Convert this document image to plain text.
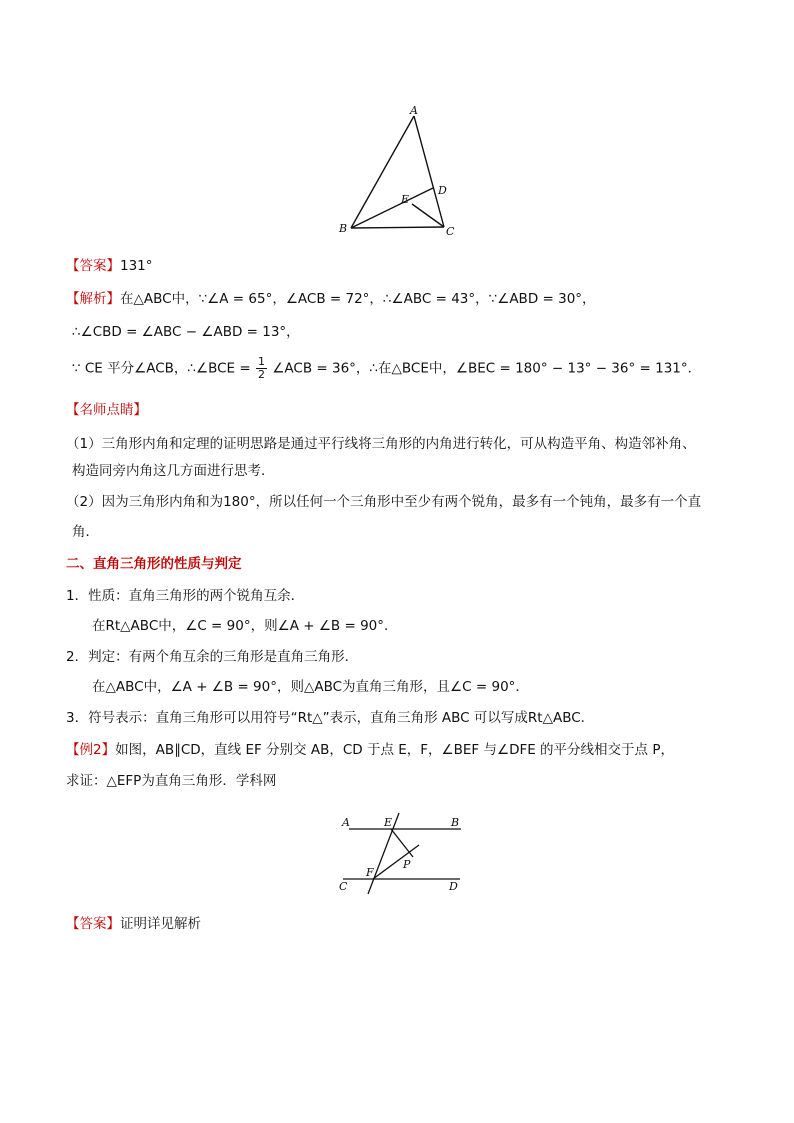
A
B	C
D
E
【答案】131°
【解析】在△ABC中，∵∠A = 65°，∠ACB = 72°，∴∠ABC = 43°，∵∠ABD = 30°，
∴∠CBD = ∠ABC − ∠ABD = 13°，
∵ CE 平分∠ACB，∴∠BCE = $\frac{1}{2}$ ∠ACB = 36°，∴在△BCE中，∠BEC = 180° − 13° − 36° = 131°．
【名师点睛】
（1）三角形内角和定理的证明思路是通过平行线将三角形的内角进行转化，可从构造平角、构造邻补角、
构造同旁内角这几方面进行思考．
（2）因为三角形内角和为180°，所以任何一个三角形中至少有两个锐角，最多有一个钝角，最多有一个直
角．
二、直角三角形的性质与判定
1．性质：直角三角形的两个锐角互余．
在Rt△ABC中，∠C = 90°，则∠A + ∠B = 90°．
2．判定：有两个角互余的三角形是直角三角形．
在△ABC中，∠A + ∠B = 90°，则△ABC为直角三角形，且∠C = 90°．
3．符号表示：直角三角形可以用符号“Rt△”表示，直角三角形 ABC 可以写成Rt△ABC．
【例2】如图，AB∥CD，直线 EF 分别交 AB，CD 于点 E，F，∠BEF 与∠DFE 的平分线相交于点 P，
求证：△EFP为直角三角形．学科网
A	E	B
F
P
C	D
【答案】证明详见解析
